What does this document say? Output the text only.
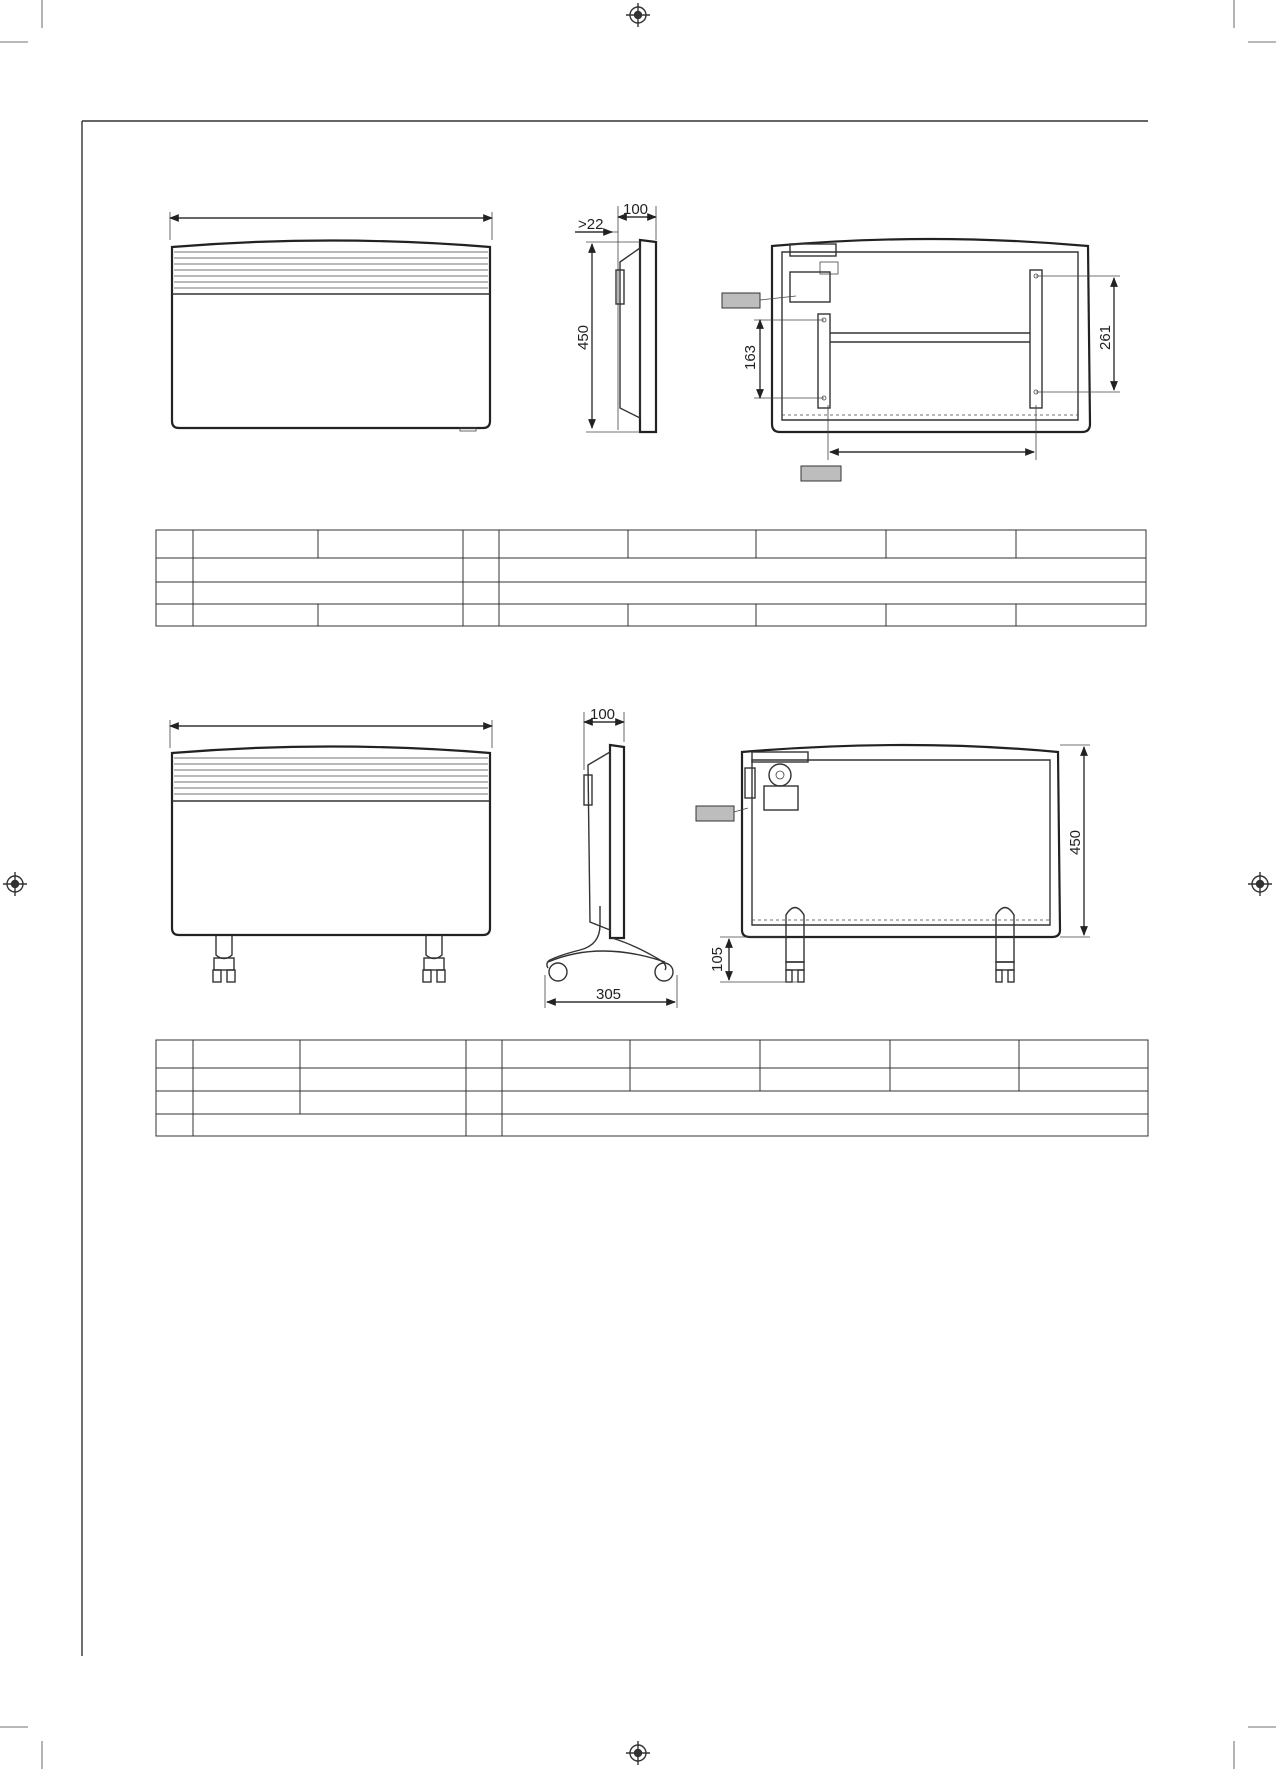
>22
100
450
163
261
100
305
450
105
